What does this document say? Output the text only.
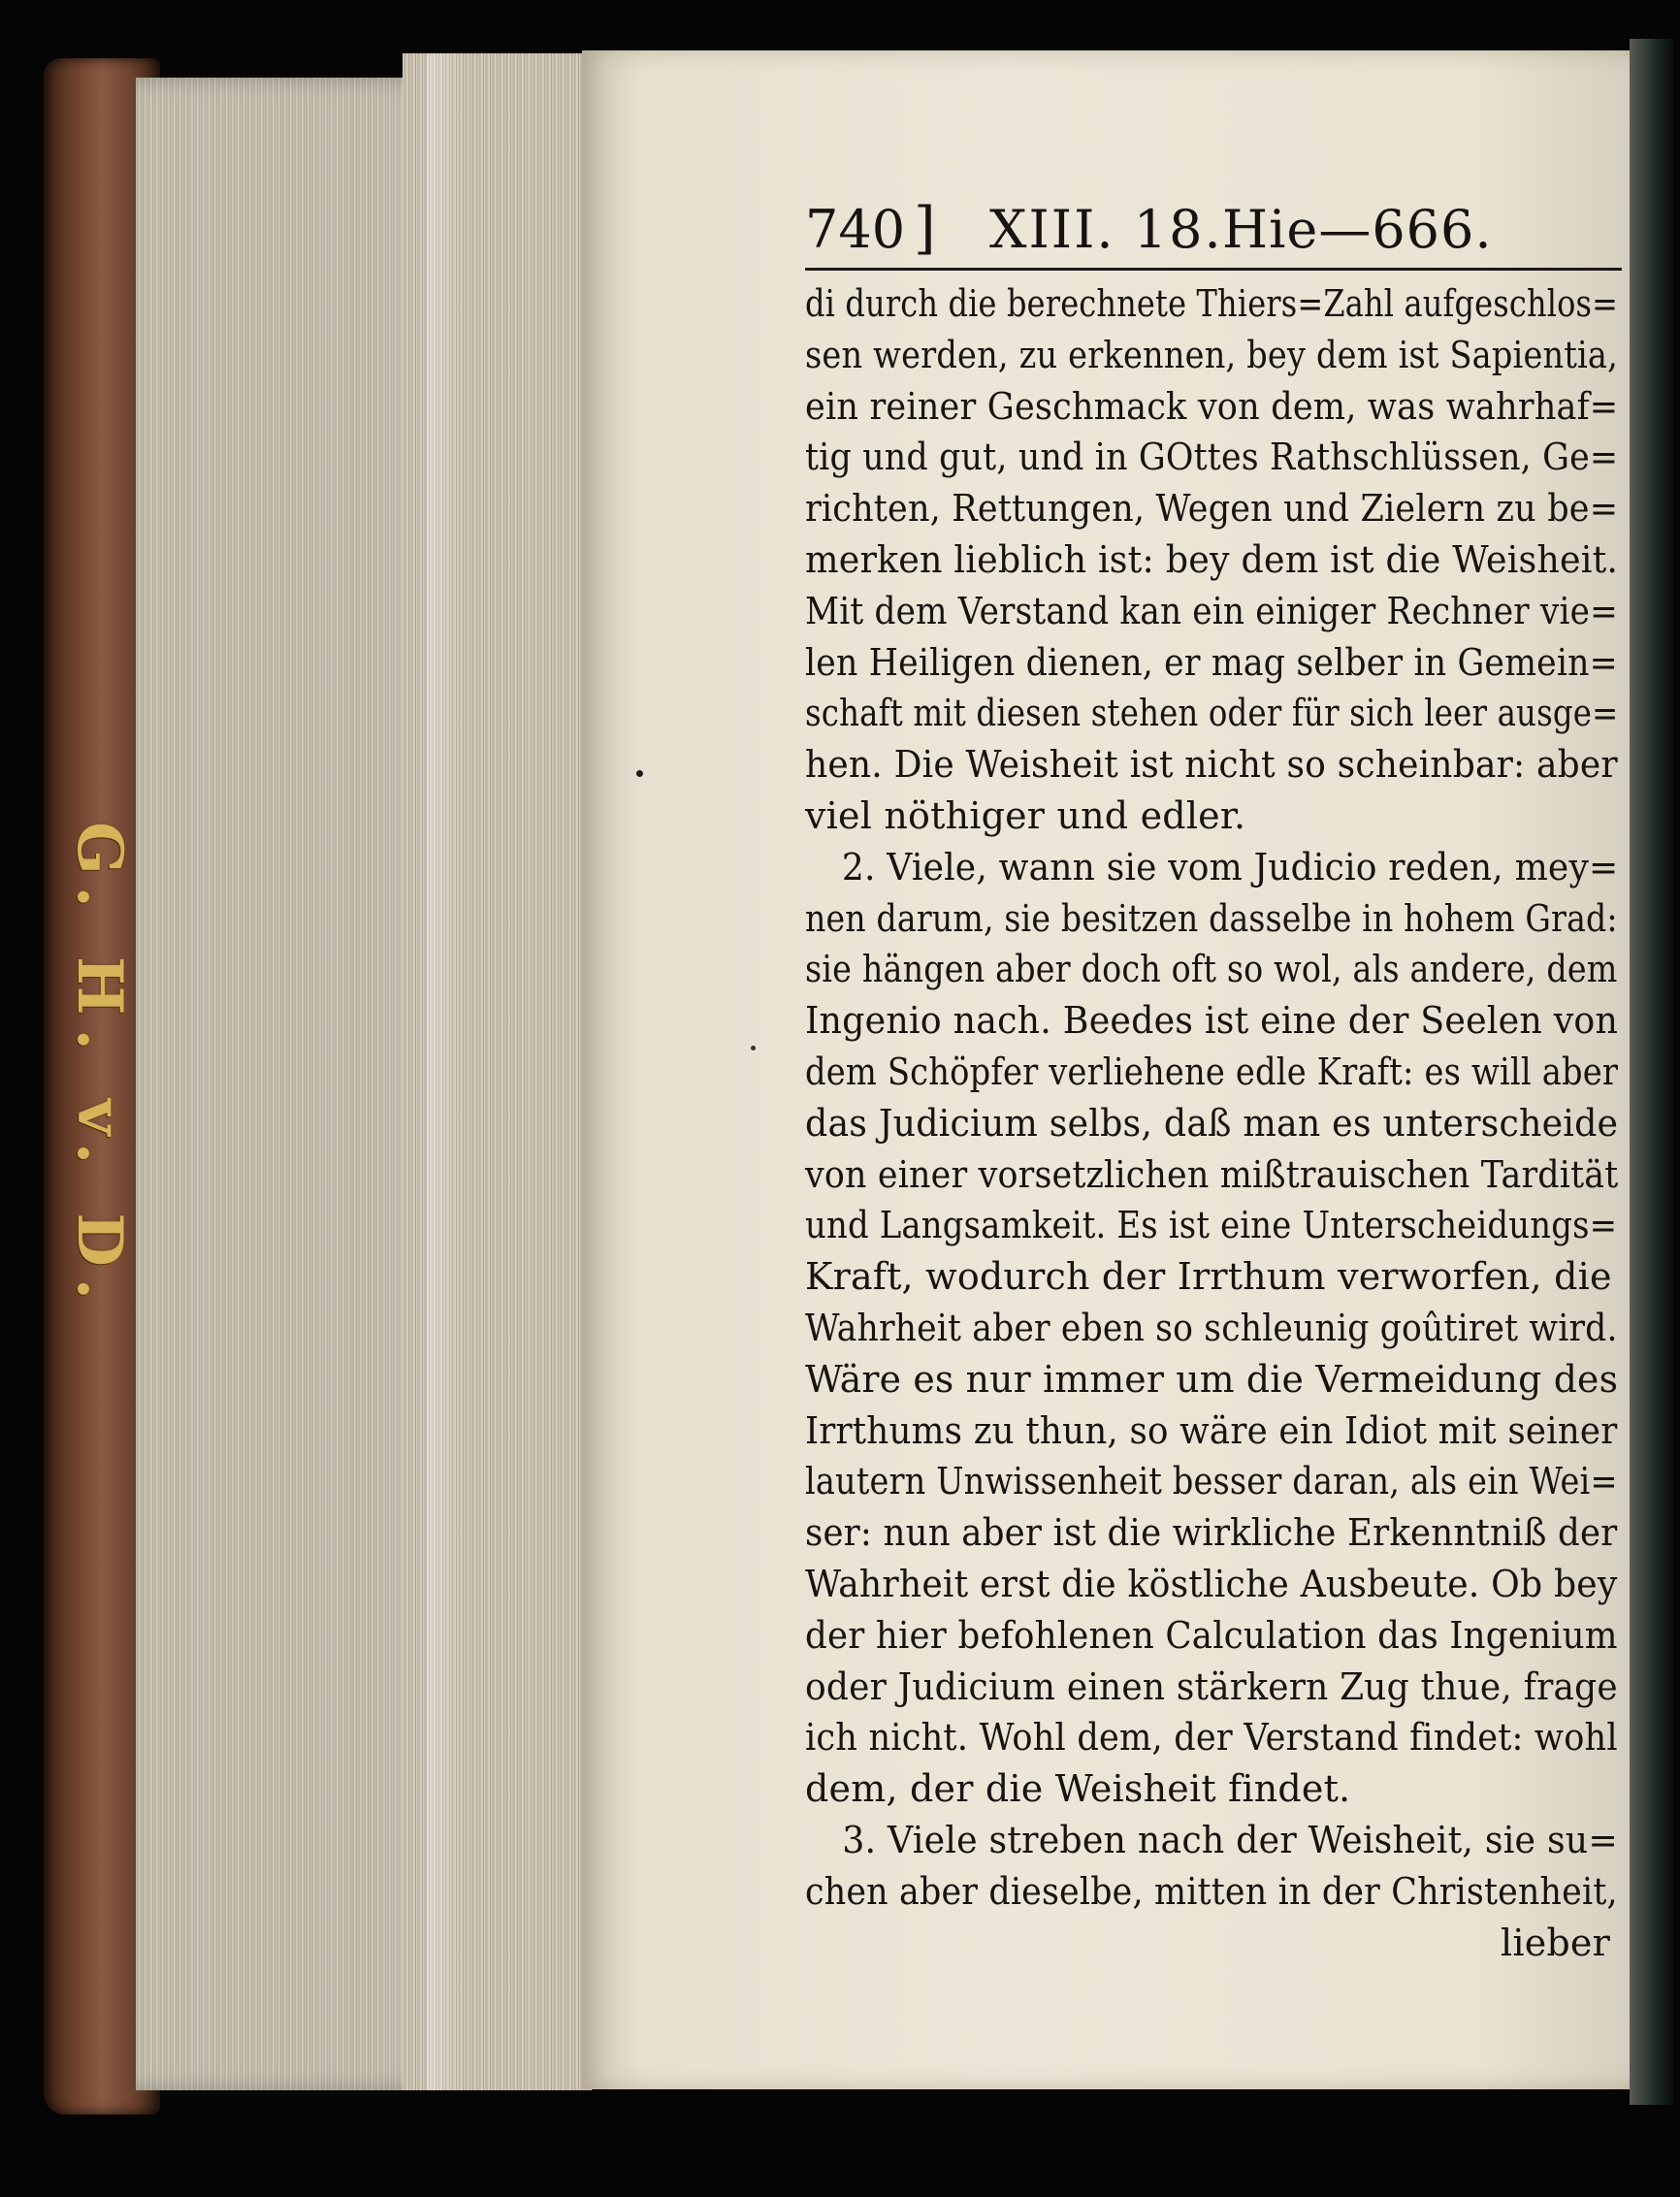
G. H. v. D.
740 ] XIII. 18. Hie—666.
di durch die berechnete Thiers=Zahl aufgeschlos=
sen werden, zu erkennen, bey dem ist Sapientia,
ein reiner Geschmack von dem, was wahrhaf=
tig und gut, und in GOttes Rathschlüssen, Ge=
richten, Rettungen, Wegen und Zielern zu be=
merken lieblich ist: bey dem ist die Weisheit.
Mit dem Verstand kan ein einiger Rechner vie=
len Heiligen dienen, er mag selber in Gemein=
schaft mit diesen stehen oder für sich leer ausge=
hen. Die Weisheit ist nicht so scheinbar: aber
viel nöthiger und edler.
2. Viele, wann sie vom Judicio reden, mey=
nen darum, sie besitzen dasselbe in hohem Grad:
sie hängen aber doch oft so wol, als andere, dem
Ingenio nach. Beedes ist eine der Seelen von
dem Schöpfer verliehene edle Kraft: es will aber
das Judicium selbs, daß man es unterscheide
von einer vorsetzlichen mißtrauischen Tardität
und Langsamkeit. Es ist eine Unterscheidungs=
Kraft, wodurch der Irrthum verworfen, die
Wahrheit aber eben so schleunig goûtiret wird.
Wäre es nur immer um die Vermeidung des
Irrthums zu thun, so wäre ein Idiot mit seiner
lautern Unwissenheit besser daran, als ein Wei=
ser: nun aber ist die wirkliche Erkenntniß der
Wahrheit erst die köstliche Ausbeute. Ob bey
der hier befohlenen Calculation das Ingenium
oder Judicium einen stärkern Zug thue, frage
ich nicht. Wohl dem, der Verstand findet: wohl
dem, der die Weisheit findet.
3. Viele streben nach der Weisheit, sie su=
chen aber dieselbe, mitten in der Christenheit,
lieber
